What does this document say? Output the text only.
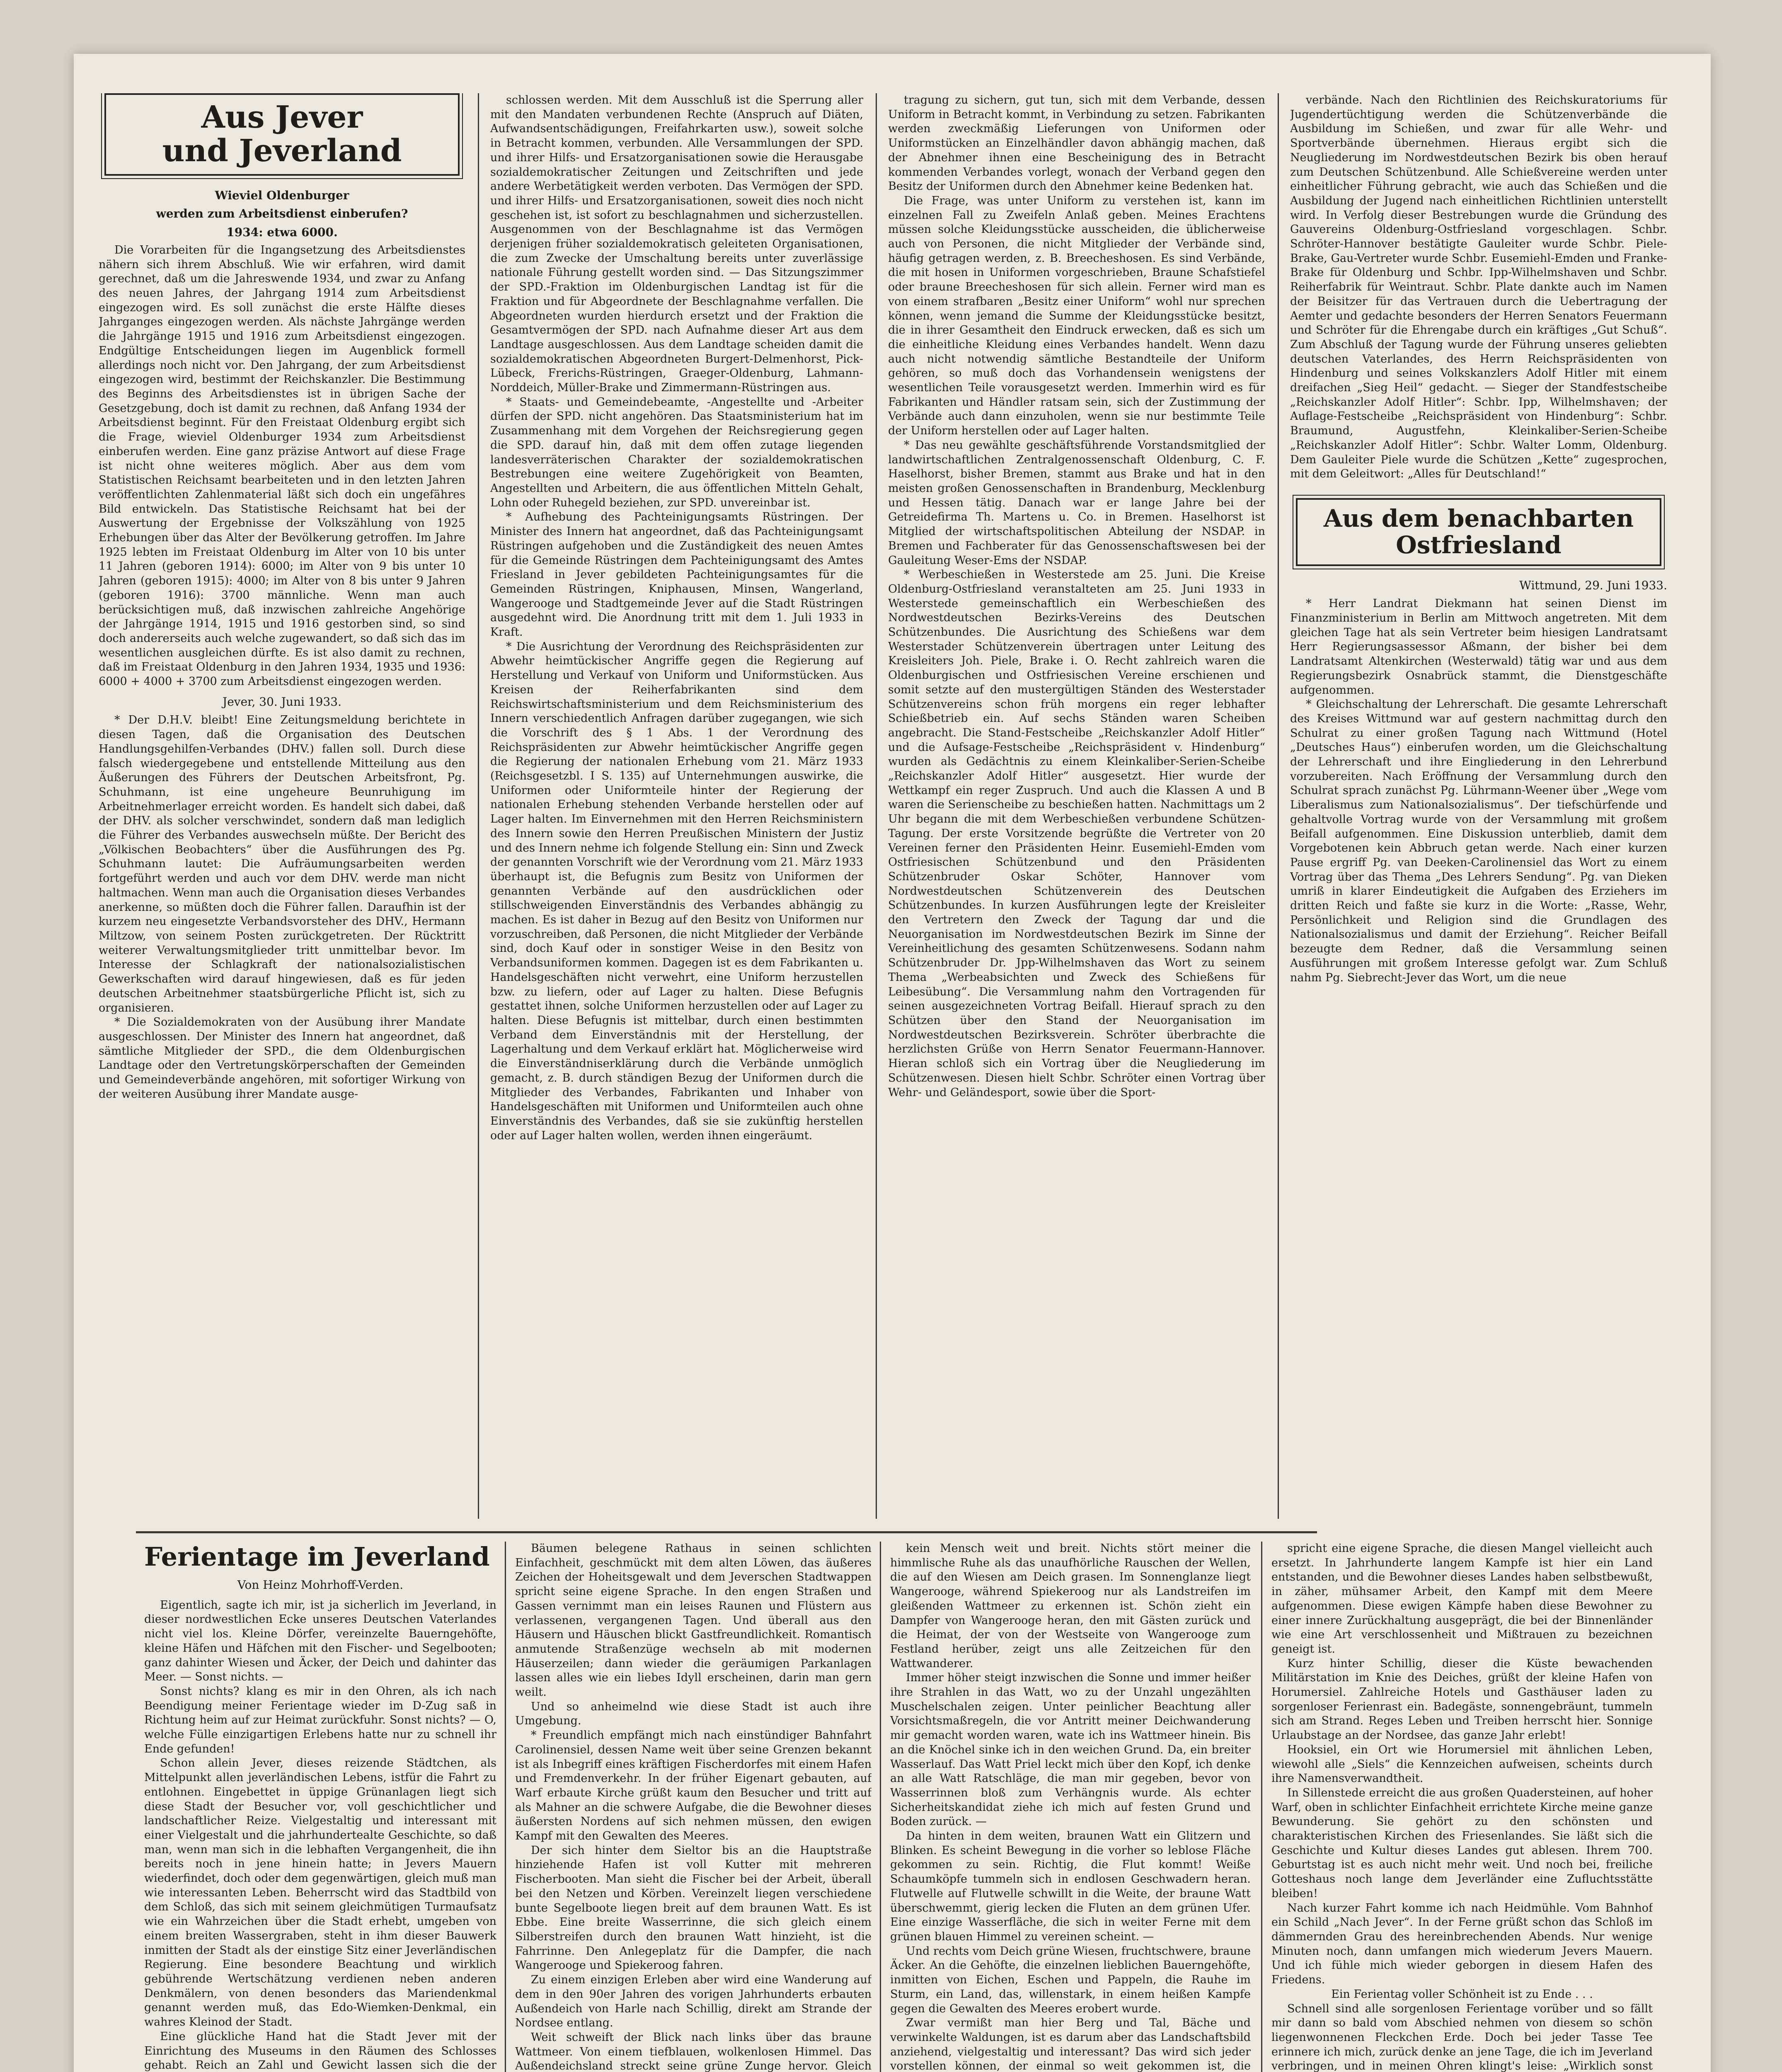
Aus Jever
und Jeverland
Wieviel Oldenburger
werden zum Arbeitsdienst einberufen?
1934: etwa 6000.

Die Vorarbeiten für die Ingangsetzung des Arbeitsdienstes nähern sich ihrem Abschluß. Wie wir erfahren, wird damit gerechnet, daß um die Jahreswende 1934, und zwar zu Anfang des neuen Jahres, der Jahrgang 1914 zum Arbeitsdienst eingezogen wird. Es soll zunächst die erste Hälfte dieses Jahrganges eingezogen werden. Als nächste Jahrgänge werden die Jahrgänge 1915 und 1916 zum Arbeitsdienst eingezogen. Endgültige Entscheidungen liegen im Augenblick formell allerdings noch nicht vor. Den Jahrgang, der zum Arbeitsdienst eingezogen wird, bestimmt der Reichskanzler. Die Bestimmung des Beginns des Arbeitsdienstes ist in übrigen Sache der Gesetzgebung, doch ist damit zu rechnen, daß Anfang 1934 der Arbeitsdienst beginnt. Für den Freistaat Oldenburg ergibt sich die Frage, wieviel Oldenburger 1934 zum Arbeitsdienst einberufen werden. Eine ganz präzise Antwort auf diese Frage ist nicht ohne weiteres möglich. Aber aus dem vom Statistischen Reichsamt bearbeiteten und in den letzten Jahren veröffentlichten Zahlenmaterial läßt sich doch ein ungefähres Bild entwickeln. Das Statistische Reichsamt hat bei der Auswertung der Ergebnisse der Volkszählung von 1925 Erhebungen über das Alter der Bevölkerung getroffen. Im Jahre 1925 lebten im Freistaat Oldenburg im Alter von 10 bis unter 11 Jahren (geboren 1914): 6000; im Alter von 9 bis unter 10 Jahren (geboren 1915): 4000; im Alter von 8 bis unter 9 Jahren (geboren 1916): 3700 männliche. Wenn man auch berücksichtigen muß, daß inzwischen zahlreiche Angehörige der Jahrgänge 1914, 1915 und 1916 gestorben sind, so sind doch andererseits auch welche zugewandert, so daß sich das im wesentlichen ausgleichen dürfte. Es ist also damit zu rechnen, daß im Freistaat Oldenburg in den Jahren 1934, 1935 und 1936: 6000 + 4000 + 3700 zum Arbeitsdienst eingezogen werden.

Jever, 30. Juni 1933.

* Der D.H.V. bleibt! Eine Zeitungsmeldung berichtete in diesen Tagen, daß die Organisation des Deutschen Handlungsgehilfen-Verbandes (DHV.) fallen soll. Durch diese falsch wiedergegebene und entstellende Mitteilung aus den Äußerungen des Führers der Deutschen Arbeitsfront, Pg. Schuhmann, ist eine ungeheure Beunruhigung im Arbeitnehmerlager erreicht worden. Es handelt sich dabei, daß der DHV. als solcher verschwindet, sondern daß man lediglich die Führer des Verbandes auswechseln müßte. Der Bericht des „Völkischen Beobachters“ über die Ausführungen des Pg. Schuhmann lautet: Die Aufräumungsarbeiten werden fortgeführt werden und auch vor dem DHV. werde man nicht haltmachen. Wenn man auch die Organisation dieses Verbandes anerkenne, so müßten doch die Führer fallen. Daraufhin ist der kurzem neu eingesetzte Verbandsvorsteher des DHV., Hermann Miltzow, von seinem Posten zurückgetreten. Der Rücktritt weiterer Verwaltungsmitglieder tritt unmittelbar bevor. Im Interesse der Schlagkraft der nationalsozialistischen Gewerkschaften wird darauf hingewiesen, daß es für jeden deutschen Arbeitnehmer staatsbürgerliche Pflicht ist, sich zu organisieren.

* Die Sozialdemokraten von der Ausübung ihrer Mandate ausgeschlossen. Der Minister des Innern hat angeordnet, daß sämtliche Mitglieder der SPD., die dem Oldenburgischen Landtage oder den Vertretungskörperschaften der Gemeinden und Gemeindeverbände angehören, mit sofortiger Wirkung von der weiteren Ausübung ihrer Mandate ausge-

schlossen werden. Mit dem Ausschluß ist die Sperrung aller mit den Mandaten verbundenen Rechte (Anspruch auf Diäten, Aufwandsentschädigungen, Freifahrkarten usw.), soweit solche in Betracht kommen, verbunden. Alle Versammlungen der SPD. und ihrer Hilfs- und Ersatzorganisationen sowie die Herausgabe sozialdemokratischer Zeitungen und Zeitschriften und jede andere Werbetätigkeit werden verboten. Das Vermögen der SPD. und ihrer Hilfs- und Ersatzorganisationen, soweit dies noch nicht geschehen ist, ist sofort zu beschlagnahmen und sicherzustellen. Ausgenommen von der Beschlagnahme ist das Vermögen derjenigen früher sozialdemokratisch geleiteten Organisationen, die zum Zwecke der Umschaltung bereits unter zuverlässige nationale Führung gestellt worden sind. — Das Sitzungszimmer der SPD.-Fraktion im Oldenburgischen Landtag ist für die Fraktion und für Abgeordnete der Beschlagnahme verfallen. Die Abgeordneten wurden hierdurch ersetzt und der Fraktion die Gesamtvermögen der SPD. nach Aufnahme dieser Art aus dem Landtage ausgeschlossen. Aus dem Landtage scheiden damit die sozialdemokratischen Abgeordneten Burgert-Delmenhorst, Pick-Lübeck, Frerichs-Rüstringen, Graeger-Oldenburg, Lahmann-Norddeich, Müller-Brake und Zimmermann-Rüstringen aus.

* Staats- und Gemeindebeamte, -Angestellte und -Arbeiter dürfen der SPD. nicht angehören. Das Staatsministerium hat im Zusammenhang mit dem Vorgehen der Reichsregierung gegen die SPD. darauf hin, daß mit dem offen zutage liegenden landesverräterischen Charakter der sozialdemokratischen Bestrebungen eine weitere Zugehörigkeit von Beamten, Angestellten und Arbeitern, die aus öffentlichen Mitteln Gehalt, Lohn oder Ruhegeld beziehen, zur SPD. unvereinbar ist.

* Aufhebung des Pachteinigungsamts Rüstringen. Der Minister des Innern hat angeordnet, daß das Pachteinigungsamt Rüstringen aufgehoben und die Zuständigkeit des neuen Amtes für die Gemeinde Rüstringen dem Pachteinigungsamt des Amtes Friesland in Jever gebildeten Pachteinigungsamtes für die Gemeinden Rüstringen, Kniphausen, Minsen, Wangerland, Wangerooge und Stadtgemeinde Jever auf die Stadt Rüstringen ausgedehnt wird. Die Anordnung tritt mit dem 1. Juli 1933 in Kraft.

* Die Ausrichtung der Verordnung des Reichspräsidenten zur Abwehr heimtückischer Angriffe gegen die Regierung auf Herstellung und Verkauf von Uniform und Uniformstücken. Aus Kreisen der Reiherfabrikanten sind dem Reichswirtschaftsministerium und dem Reichsministerium des Innern verschiedentlich Anfragen darüber zugegangen, wie sich die Vorschrift des § 1 Abs. 1 der Verordnung des Reichspräsidenten zur Abwehr heimtückischer Angriffe gegen die Regierung der nationalen Erhebung vom 21. März 1933 (Reichsgesetzbl. I S. 135) auf Unternehmungen auswirke, die Uniformen oder Uniformteile hinter der Regierung der nationalen Erhebung stehenden Verbande herstellen oder auf Lager halten. Im Einvernehmen mit den Herren Reichsministern des Innern sowie den Herren Preußischen Ministern der Justiz und des Innern nehme ich folgende Stellung ein: Sinn und Zweck der genannten Vorschrift wie der Verordnung vom 21. März 1933 überhaupt ist, die Befugnis zum Besitz von Uniformen der genannten Verbände auf den ausdrücklichen oder stillschweigenden Einverständnis des Verbandes abhängig zu machen. Es ist daher in Bezug auf den Besitz von Uniformen nur vorzuschreiben, daß Personen, die nicht Mitglieder der Verbände sind, doch Kauf oder in sonstiger Weise in den Besitz von Verbandsuniformen kommen. Dagegen ist es dem Fabrikanten u. Handelsgeschäften nicht verwehrt, eine Uniform herzustellen bzw. zu liefern, oder auf Lager zu halten. Diese Befugnis gestattet ihnen, solche Uniformen herzustellen oder auf Lager zu halten. Diese Befugnis ist mittelbar, durch einen bestimmten Verband dem Einverständnis mit der Herstellung, der Lagerhaltung und dem Verkauf erklärt hat. Möglicherweise wird die Einverständniserklärung durch die Verbände unmöglich gemacht, z. B. durch ständigen Bezug der Uniformen durch die Mitglieder des Verbandes, Fabrikanten und Inhaber von Handelsgeschäften mit Uniformen und Uniformteilen auch ohne Einverständnis des Verbandes, daß sie sie zukünftig herstellen oder auf Lager halten wollen, werden ihnen eingeräumt.

tragung zu sichern, gut tun, sich mit dem Verbande, dessen Uniform in Betracht kommt, in Verbindung zu setzen. Fabrikanten werden zweckmäßig Lieferungen von Uniformen oder Uniformstücken an Einzelhändler davon abhängig machen, daß der Abnehmer ihnen eine Bescheinigung des in Betracht kommenden Verbandes vorlegt, wonach der Verband gegen den Besitz der Uniformen durch den Abnehmer keine Bedenken hat.

Die Frage, was unter Uniform zu verstehen ist, kann im einzelnen Fall zu Zweifeln Anlaß geben. Meines Erachtens müssen solche Kleidungsstücke ausscheiden, die üblicherweise auch von Personen, die nicht Mitglieder der Verbände sind, häufig getragen werden, z. B. Breecheshosen. Es sind Verbände, die mit hosen in Uniformen vorgeschrieben, Braune Schafstiefel oder braune Breecheshosen für sich allein. Ferner wird man es von einem strafbaren „Besitz einer Uniform“ wohl nur sprechen können, wenn jemand die Summe der Kleidungsstücke besitzt, die in ihrer Gesamtheit den Eindruck erwecken, daß es sich um die einheitliche Kleidung eines Verbandes handelt. Wenn dazu auch nicht notwendig sämtliche Bestandteile der Uniform gehören, so muß doch das Vorhandensein wenigstens der wesentlichen Teile vorausgesetzt werden. Immerhin wird es für Fabrikanten und Händler ratsam sein, sich der Zustimmung der Verbände auch dann einzuholen, wenn sie nur bestimmte Teile der Uniform herstellen oder auf Lager halten.

* Das neu gewählte geschäftsführende Vorstandsmitglied der landwirtschaftlichen Zentralgenossenschaft Oldenburg, C. F. Haselhorst, bisher Bremen, stammt aus Brake und hat in den meisten großen Genossenschaften in Brandenburg, Mecklenburg und Hessen tätig. Danach war er lange Jahre bei der Getreidefirma Th. Martens u. Co. in Bremen. Haselhorst ist Mitglied der wirtschaftspolitischen Abteilung der NSDAP. in Bremen und Fachberater für das Genossenschaftswesen bei der Gauleitung Weser-Ems der NSDAP.

* Werbeschießen in Westerstede am 25. Juni. Die Kreise Oldenburg-Ostfriesland veranstalteten am 25. Juni 1933 in Westerstede gemeinschaftlich ein Werbeschießen des Nordwestdeutschen Bezirks-Vereins des Deutschen Schützenbundes. Die Ausrichtung des Schießens war dem Westerstader Schützenverein übertragen unter Leitung des Kreisleiters Joh. Piele, Brake i. O. Recht zahlreich waren die Oldenburgischen und Ostfriesischen Vereine erschienen und somit setzte auf den mustergültigen Ständen des Westerstader Schützenvereins schon früh morgens ein reger lebhafter Schießbetrieb ein. Auf sechs Ständen waren Scheiben angebracht. Die Stand-Festscheibe „Reichskanzler Adolf Hitler“ und die Aufsage-Festscheibe „Reichspräsident v. Hindenburg“ wurden als Gedächtnis zu einem Kleinkaliber-Serien-Scheibe „Reichskanzler Adolf Hitler“ ausgesetzt. Hier wurde der Wettkampf ein reger Zuspruch. Und auch die Klassen A und B waren die Serienscheibe zu beschießen hatten. Nachmittags um 2 Uhr begann die mit dem Werbeschießen verbundene Schützen-Tagung. Der erste Vorsitzende begrüßte die Vertreter von 20 Vereinen ferner den Präsidenten Heinr. Eusemiehl-Emden vom Ostfriesischen Schützenbund und den Präsidenten Schützenbruder Oskar Schöter, Hannover vom Nordwestdeutschen Schützenverein des Deutschen Schützenbundes. In kurzen Ausführungen legte der Kreisleiter den Vertretern den Zweck der Tagung dar und die Neuorganisation im Nordwestdeutschen Bezirk im Sinne der Vereinheitlichung des gesamten Schützenwesens. Sodann nahm Schützenbruder Dr. Jpp-Wilhelmshaven das Wort zu seinem Thema „Werbeabsichten und Zweck des Schießens für Leibesübung“. Die Versammlung nahm den Vortragenden für seinen ausgezeichneten Vortrag Beifall. Hierauf sprach zu den Schützen über den Stand der Neuorganisation im Nordwestdeutschen Bezirksverein. Schröter überbrachte die herzlichsten Grüße von Herrn Senator Feuermann-Hannover. Hieran schloß sich ein Vortrag über die Neugliederung im Schützenwesen. Diesen hielt Schbr. Schröter einen Vortrag über Wehr- und Geländesport, sowie über die Sport-

verbände. Nach den Richtlinien des Reichskuratoriums für Jugendertüchtigung werden die Schützenverbände die Ausbildung im Schießen, und zwar für alle Wehr- und Sportverbände übernehmen. Hieraus ergibt sich die Neugliederung im Nordwestdeutschen Bezirk bis oben herauf zum Deutschen Schützenbund. Alle Schießvereine werden unter einheitlicher Führung gebracht, wie auch das Schießen und die Ausbildung der Jugend nach einheitlichen Richtlinien unterstellt wird. In Verfolg dieser Bestrebungen wurde die Gründung des Gauvereins Oldenburg-Ostfriesland vorgeschlagen. Schbr. Schröter-Hannover bestätigte Gauleiter wurde Schbr. Piele-Brake, Gau-Vertreter wurde Schbr. Eusemiehl-Emden und Franke-Brake für Oldenburg und Schbr. Ipp-Wilhelmshaven und Schbr. Reiherfabrik für Weintraut. Schbr. Plate dankte auch im Namen der Beisitzer für das Vertrauen durch die Uebertragung der Aemter und gedachte besonders der Herren Senators Feuermann und Schröter für die Ehrengabe durch ein kräftiges „Gut Schuß“. Zum Abschluß der Tagung wurde der Führung unseres geliebten deutschen Vaterlandes, des Herrn Reichspräsidenten von Hindenburg und seines Volkskanzlers Adolf Hitler mit einem dreifachen „Sieg Heil“ gedacht. — Sieger der Standfestscheibe „Reichskanzler Adolf Hitler“: Schbr. Ipp, Wilhelmshaven; der Auflage-Festscheibe „Reichspräsident von Hindenburg“: Schbr. Braumund, Augustfehn, Kleinkaliber-Serien-Scheibe „Reichskanzler Adolf Hitler“: Schbr. Walter Lomm, Oldenburg. Dem Gauleiter Piele wurde die Schützen „Kette“ zugesprochen, mit dem Geleitwort: „Alles für Deutschland!“

Aus dem benachbarten
Ostfriesland
Wittmund, 29. Juni 1933.

* Herr Landrat Diekmann hat seinen Dienst im Finanzministerium in Berlin am Mittwoch angetreten. Mit dem gleichen Tage hat als sein Vertreter beim hiesigen Landratsamt Herr Regierungsassessor Aßmann, der bisher bei dem Landratsamt Altenkirchen (Westerwald) tätig war und aus dem Regierungsbezirk Osnabrück stammt, die Dienstgeschäfte aufgenommen.

* Gleichschaltung der Lehrerschaft. Die gesamte Lehrerschaft des Kreises Wittmund war auf gestern nachmittag durch den Schulrat zu einer großen Tagung nach Wittmund (Hotel „Deutsches Haus“) einberufen worden, um die Gleichschaltung der Lehrerschaft und ihre Eingliederung in den Lehrerbund vorzubereiten. Nach Eröffnung der Versammlung durch den Schulrat sprach zunächst Pg. Lührmann-Weener über „Wege vom Liberalismus zum Nationalsozialismus“. Der tiefschürfende und gehaltvolle Vortrag wurde von der Versammlung mit großem Beifall aufgenommen. Eine Diskussion unterblieb, damit dem Vorgebotenen kein Abbruch getan werde. Nach einer kurzen Pause ergriff Pg. van Deeken-Carolinensiel das Wort zu einem Vortrag über das Thema „Des Lehrers Sendung“. Pg. van Dieken umriß in klarer Eindeutigkeit die Aufgaben des Erziehers im dritten Reich und faßte sie kurz in die Worte: „Rasse, Wehr, Persönlichkeit und Religion sind die Grundlagen des Nationalsozialismus und damit der Erziehung“. Reicher Beifall bezeugte dem Redner, daß die Versammlung seinen Ausführungen mit großem Interesse gefolgt war. Zum Schluß nahm Pg. Siebrecht-Jever das Wort, um die neue

Ferientage im Jeverland
Von Heinz Mohrhoff-Verden.

Eigentlich, sagte ich mir, ist ja sicherlich im Jeverland, in dieser nordwestlichen Ecke unseres Deutschen Vaterlandes nicht viel los. Kleine Dörfer, vereinzelte Bauerngehöfte, kleine Häfen und Häfchen mit den Fischer- und Segelbooten; ganz dahinter Wiesen und Äcker, der Deich und dahinter das Meer. — Sonst nichts. —

Sonst nichts? klang es mir in den Ohren, als ich nach Beendigung meiner Ferientage wieder im D-Zug saß in Richtung heim auf zur Heimat zurückfuhr. Sonst nichts? — O, welche Fülle einzigartigen Erlebens hatte nur zu schnell ihr Ende gefunden!

Schon allein Jever, dieses reizende Städtchen, als Mittelpunkt allen jeverländischen Lebens, istfür die Fahrt zu entlohnen. Eingebettet in üppige Grünanlagen liegt sich diese Stadt der Besucher vor, voll geschichtlicher und landschaftlicher Reize. Vielgestaltig und interessant mit einer Vielgestalt und die jahrhundertealte Geschichte, so daß man, wenn man sich in die lebhaften Vergangenheit, die ihn bereits noch in jene hinein hatte; in Jevers Mauern wiederfindet, doch oder dem gegenwärtigen, gleich muß man wie interessanten Leben. Beherrscht wird das Stadtbild von dem Schloß, das sich mit seinem gleichmütigen Turmaufsatz wie ein Wahrzeichen über die Stadt erhebt, umgeben von einem breiten Wassergraben, steht in ihm dieser Bauwerk inmitten der Stadt als der einstige Sitz einer Jeverländischen Regierung. Eine besondere Beachtung und wirklich gebührende Wertschätzung verdienen neben anderen Denkmälern, von denen besonders das Mariendenkmal genannt werden muß, das Edo-Wiemken-Denkmal, ein wahres Kleinod der Stadt.

Eine glückliche Hand hat die Stadt Jever mit der Einrichtung des Museums in den Räumen des Schlosses gehabt. Reich an Zahl und Gewicht lassen sich die der

Bäumen belegene Rathaus in seinen schlichten Einfachheit, geschmückt mit dem alten Löwen, das äußeres Zeichen der Hoheitsgewalt und dem Jeverschen Stadtwappen spricht seine eigene Sprache. In den engen Straßen und Gassen vernimmt man ein leises Raunen und Flüstern aus verlassenen, vergangenen Tagen. Und überall aus den Häusern und Häuschen blickt Gastfreundlichkeit. Romantisch anmutende Straßenzüge wechseln ab mit modernen Häuserzeilen; dann wieder die geräumigen Parkanlagen lassen alles wie ein liebes Idyll erscheinen, darin man gern weilt.

Und so anheimelnd wie diese Stadt ist auch ihre Umgebung.

* Freundlich empfängt mich nach einstündiger Bahnfahrt Carolinensiel, dessen Name weit über seine Grenzen bekannt ist als Inbegriff eines kräftigen Fischerdorfes mit einem Hafen und Fremdenverkehr. In der früher Eigenart gebauten, auf Warf erbaute Kirche grüßt kaum den Besucher und tritt auf als Mahner an die schwere Aufgabe, die die Bewohner dieses äußersten Nordens auf sich nehmen müssen, den ewigen Kampf mit den Gewalten des Meeres.

Der sich hinter dem Sieltor bis an die Hauptstraße hinziehende Hafen ist voll Kutter mit mehreren Fischerbooten. Man sieht die Fischer bei der Arbeit, überall bei den Netzen und Körben. Vereinzelt liegen verschiedene bunte Segelboote liegen breit auf dem braunen Watt. Es ist Ebbe. Eine breite Wasserrinne, die sich gleich einem Silberstreifen durch den braunen Watt hinzieht, ist die Fahrrinne. Den Anlegeplatz für die Dampfer, die nach Wangerooge und Spiekeroog fahren.

Zu einem einzigen Erleben aber wird eine Wanderung auf dem in den 90er Jahren des vorigen Jahrhunderts erbauten Außendeich von Harle nach Schillig, direkt am Strande der Nordsee entlang.

Weit schweift der Blick nach links über das braune Wattmeer. Von einem tiefblauen, wolkenlosen Himmel. Das Außendeichsland streckt seine grüne Zunge hervor. Gleich

kein Mensch weit und breit. Nichts stört meiner die himmlische Ruhe als das unaufhörliche Rauschen der Wellen, die auf den Wiesen am Deich grasen. Im Sonnenglanze liegt Wangerooge, während Spiekeroog nur als Landstreifen im gleißenden Wattmeer zu erkennen ist. Schön zieht ein Dampfer von Wangerooge heran, den mit Gästen zurück und die Heimat, der von der Westseite von Wangerooge zum Festland herüber, zeigt uns alle Zeitzeichen für den Wattwanderer.

Immer höher steigt inzwischen die Sonne und immer heißer ihre Strahlen in das Watt, wo zu der Unzahl ungezählten Muschelschalen zeigen. Unter peinlicher Beachtung aller Vorsichtsmaßregeln, die vor Antritt meiner Deichwanderung mir gemacht worden waren, wate ich ins Wattmeer hinein. Bis an die Knöchel sinke ich in den weichen Grund. Da, ein breiter Wasserlauf. Das Watt Priel leckt mich über den Kopf, ich denke an alle Watt Ratschläge, die man mir gegeben, bevor von Wasserrinnen bloß zum Verhängnis wurde. Als echter Sicherheitskandidat ziehe ich mich auf festen Grund und Boden zurück. —

Da hinten in dem weiten, braunen Watt ein Glitzern und Blinken. Es scheint Bewegung in die vorher so leblose Fläche gekommen zu sein. Richtig, die Flut kommt! Weiße Schaumköpfe tummeln sich in endlosen Geschwadern heran. Flutwelle auf Flutwelle schwillt in die Weite, der braune Watt überschwemmt, gierig lecken die Fluten an dem grünen Ufer. Eine einzige Wasserfläche, die sich in weiter Ferne mit dem grünen blauen Himmel zu vereinen scheint. —

Und rechts vom Deich grüne Wiesen, fruchtschwere, braune Äcker. An die Gehöfte, die einzelnen lieblichen Bauerngehöfte, inmitten von Eichen, Eschen und Pappeln, die Rauhe im Sturm, ein Land, das, willenstark, in einem heißen Kampfe gegen die Gewalten des Meeres erobert wurde.

Zwar vermißt man hier Berg und Tal, Bäche und verwinkelte Waldungen, ist es darum aber das Landschaftsbild anziehend, vielgestaltig und interessant? Das wird sich jeder vorstellen können, der einmal so weit gekommen ist, die

spricht eine eigene Sprache, die diesen Mangel vielleicht auch ersetzt. In Jahrhunderte langem Kampfe ist hier ein Land entstanden, und die Bewohner dieses Landes haben selbstbewußt, in zäher, mühsamer Arbeit, den Kampf mit dem Meere aufgenommen. Diese ewigen Kämpfe haben diese Bewohner zu einer innere Zurückhaltung ausgeprägt, die bei der Binnenländer wie eine Art verschlossenheit und Mißtrauen zu bezeichnen geneigt ist.

Kurz hinter Schillig, dieser die Küste bewachenden Militärstation im Knie des Deiches, grüßt der kleine Hafen von Horumersiel. Zahlreiche Hotels und Gasthäuser laden zu sorgenloser Ferienrast ein. Badegäste, sonnengebräunt, tummeln sich am Strand. Reges Leben und Treiben herrscht hier. Sonnige Urlaubstage an der Nordsee, das ganze Jahr erlebt!

Hooksiel, ein Ort wie Horumersiel mit ähnlichen Leben, wiewohl alle „Siels“ die Kennzeichen aufweisen, scheints durch ihre Namensverwandtheit.

In Sillenstede erreicht die aus großen Quadersteinen, auf hoher Warf, oben in schlichter Einfachheit errichtete Kirche meine ganze Bewunderung. Sie gehört zu den schönsten und charakteristischen Kirchen des Friesenlandes. Sie läßt sich die Geschichte und Kultur dieses Landes gut ablesen. Ihrem 700. Geburtstag ist es auch nicht mehr weit. Und noch bei, freiliche Gotteshaus noch lange dem Jeverländer eine Zufluchtsstätte bleiben!

Nach kurzer Fahrt komme ich nach Heidmühle. Vom Bahnhof ein Schild „Nach Jever“. In der Ferne grüßt schon das Schloß im dämmernden Grau des hereinbrechenden Abends. Nur wenige Minuten noch, dann umfangen mich wiederum Jevers Mauern. Und ich fühle mich wieder geborgen in diesem Hafen des Friedens.

Ein Ferientag voller Schönheit ist zu Ende . . .

Schnell sind alle sorgenlosen Ferientage vorüber und so fällt mir dann so bald vom Abschied nehmen von diesem so schön liegenwonnenen Fleckchen Erde. Doch bei jeder Tasse Tee erinnere ich mich, zurück denke an jene Tage, die ich im Jeverland verbringen, und in meinen Ohren klingt's leise: „Wirklich sonst
